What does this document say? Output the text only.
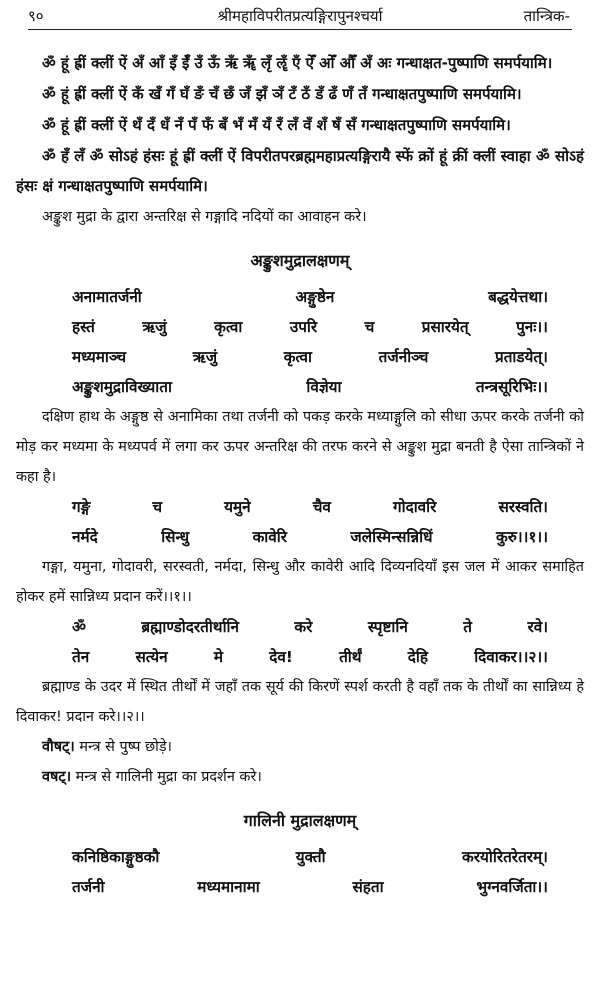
९०	श्रीमहाविपरीतप्रत्यङ्गिरापुनश्चर्या	तान्त्रिक-

ॐ हूं ह्रीं क्लीं ऐं अँ आँ इँ ईँ उँ ऊँ ऋँ ॠँ लृँ ॡँ एँ ऐँ ओँ औँ अँ अः गन्धाक्षत-पुष्पाणि समर्पयामि।

ॐ हूं ह्रीं क्लीं ऐं कँ खँ गँ घँ ङँ चँ छँ जँ झँ ञँ टँ ठँ डँ ढँ णँ तँ गन्धाक्षतपुष्पाणि समर्पयामि।

ॐ हूं ह्रीं क्लीं ऐं थँ दँ धँ नँ पँ फँ बँ भँ मँ यँ रँ लँ वँ शँ षँ सँ गन्धाक्षतपुष्पाणि समर्पयामि।

ॐ हँ लँ ॐ सोऽहं हंसः हूं ह्रीं क्लीं ऐं विपरीतपरब्रह्ममहाप्रत्यङ्गिरायै स्फें क्रों हूं क्रीं क्लीं स्वाहा ॐ सोऽहं हंसः क्षं गन्धाक्षतपुष्पाणि समर्पयामि।

अङ्कुश मुद्रा के द्वारा अन्तरिक्ष से गङ्गादि नदियों का आवाहन करे।

अङ्कुशमुद्रालक्षणम्

अनामातर्जनी	अङ्गुष्ठेन	बद्धयेत्तथा।
हस्तं	ऋजुं	कृत्वा	उपरि	च	प्रसारयेत्	पुनः।।
मध्यमाञ्च	ऋजुं	कृत्वा	तर्जनीञ्च	प्रताडयेत्।
अङ्कुशमुद्राविख्याता	विज्ञेया	तन्त्रसूरिभिः।।

दक्षिण हाथ के अङ्गुष्ठ से अनामिका तथा तर्जनी को पकड़ करके मध्याङ्गुलि को सीधा ऊपर करके तर्जनी को मोड़ कर मध्यमा के मध्यपर्व में लगा कर ऊपर अन्तरिक्ष की तरफ करने से अङ्कुश मुद्रा बनती है ऐसा तान्त्रिकों ने कहा है।

गङ्गे	च	यमुने	चैव	गोदावरि	सरस्वति।
नर्मदे	सिन्धु	कावेरि	जलेस्मिन्सन्निधिं	कुरु।।१।।

गङ्गा, यमुना, गोदावरी, सरस्वती, नर्मदा, सिन्धु और कावेरी आदि दिव्यनदियाँ इस जल में आकर समाहित होकर हमें सान्निध्य प्रदान करें।।१।।

ॐ	ब्रह्माण्डोदरतीर्थानि	करे	स्पृष्टानि	ते	रवे।
तेन	सत्येन	मे	देव!	तीर्थं	देहि	दिवाकर।।२।।

ब्रह्माण्ड के उदर में स्थित तीर्थों में जहाँ तक सूर्य की किरणें स्पर्श करती है वहाँ तक के तीर्थों का सान्निध्य हे दिवाकर! प्रदान करे।।२।।

वौषट्। मन्त्र से पुष्प छोड़े।

वषट्। मन्त्र से गालिनी मुद्रा का प्रदर्शन करे।

गालिनी मुद्रालक्षणम्

कनिष्ठिकाङ्गुष्ठकौ	युक्तौ	करयोरितरेतरम्।
तर्जनी	मध्यमानामा	संहता	भुग्नवर्जिता।।
